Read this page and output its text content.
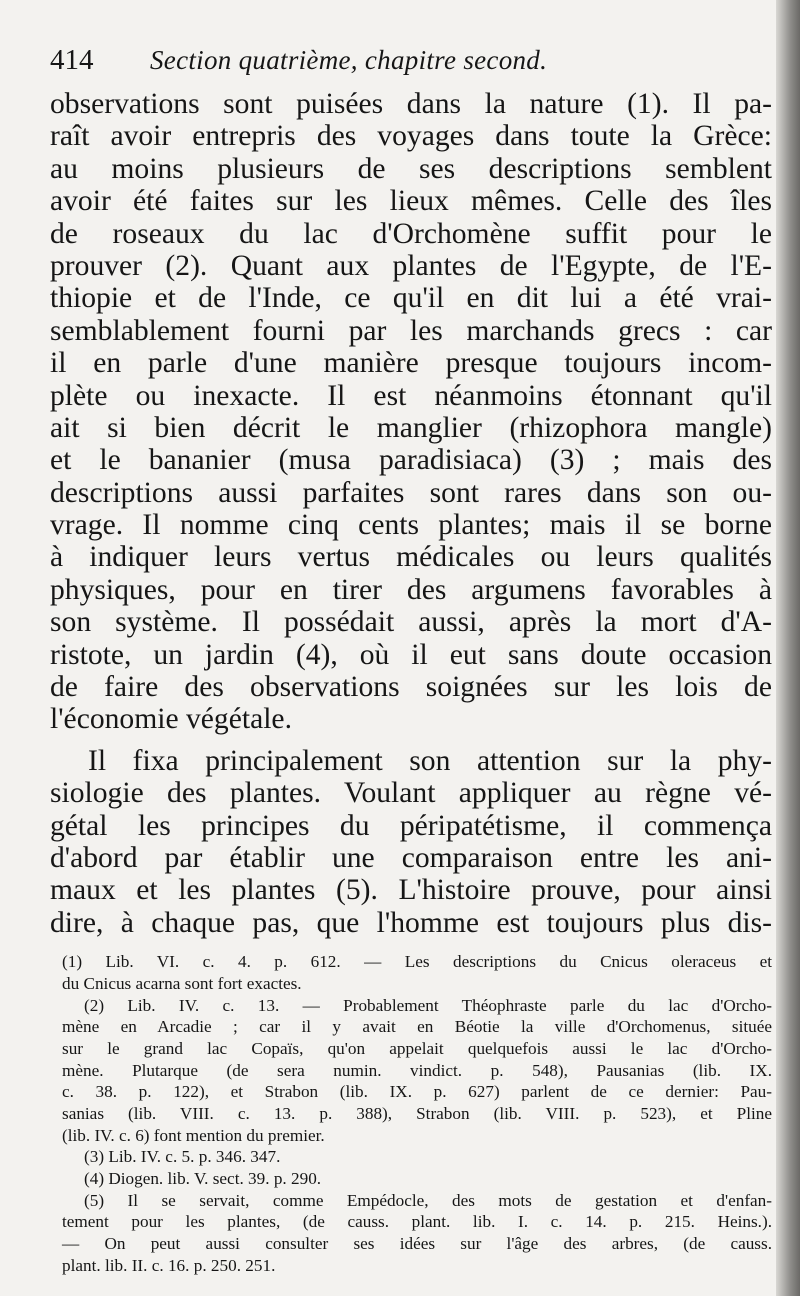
414	Section quatrième, chapitre second.
observations sont puisées dans la nature (1). Il pa-
raît avoir entrepris des voyages dans toute la Grèce:
au moins plusieurs de ses descriptions semblent
avoir été faites sur les lieux mêmes. Celle des îles
de roseaux du lac d'Orchomène suffit pour le
prouver (2). Quant aux plantes de l'Egypte, de l'E-
thiopie et de l'Inde, ce qu'il en dit lui a été vrai-
semblablement fourni par les marchands grecs : car
il en parle d'une manière presque toujours incom-
plète ou inexacte. Il est néanmoins étonnant qu'il
ait si bien décrit le manglier (rhizophora mangle)
et le bananier (musa paradisiaca) (3) ; mais des
descriptions aussi parfaites sont rares dans son ou-
vrage. Il nomme cinq cents plantes; mais il se borne
à indiquer leurs vertus médicales ou leurs qualités
physiques, pour en tirer des argumens favorables à
son système. Il possédait aussi, après la mort d'A-
ristote, un jardin (4), où il eut sans doute occasion
de faire des observations soignées sur les lois de
l'économie végétale.
Il fixa principalement son attention sur la phy-
siologie des plantes. Voulant appliquer au règne vé-
gétal les principes du péripatétisme, il commença
d'abord par établir une comparaison entre les ani-
maux et les plantes (5). L'histoire prouve, pour ainsi
dire, à chaque pas, que l'homme est toujours plus dis-
(1) Lib. VI. c. 4. p. 612. — Les descriptions du Cnicus oleraceus et
du Cnicus acarna sont fort exactes.
(2) Lib. IV. c. 13. — Probablement Théophraste parle du lac d'Orcho-
mène en Arcadie ; car il y avait en Béotie la ville d'Orchomenus, située
sur le grand lac Copaïs, qu'on appelait quelquefois aussi le lac d'Orcho-
mène. Plutarque (de sera numin. vindict. p. 548), Pausanias (lib. IX.
c. 38. p. 122), et Strabon (lib. IX. p. 627) parlent de ce dernier: Pau-
sanias (lib. VIII. c. 13. p. 388), Strabon (lib. VIII. p. 523), et Pline
(lib. IV. c. 6) font mention du premier.
(3) Lib. IV. c. 5. p. 346. 347.
(4) Diogen. lib. V. sect. 39. p. 290.
(5) Il se servait, comme Empédocle, des mots de gestation et d'enfan-
tement pour les plantes, (de causs. plant. lib. I. c. 14. p. 215. Heins.).
— On peut aussi consulter ses idées sur l'âge des arbres, (de causs.
plant. lib. II. c. 16. p. 250. 251.
